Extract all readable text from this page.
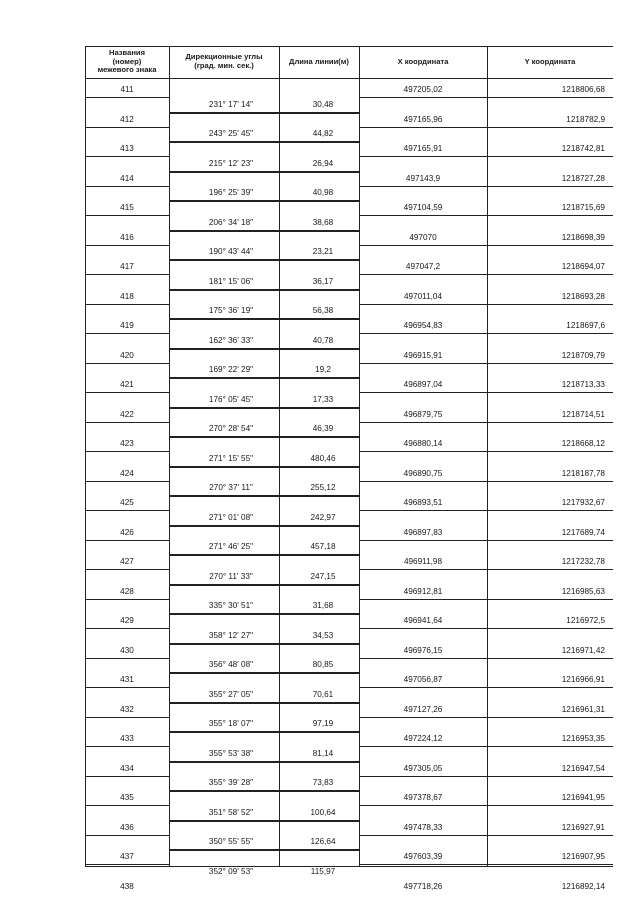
Названия
(номер)
межевого знака
Дирекционные углы
(град. мин. сек.)	Длина линии(м)	X координата	Y координата
411	497205,02	1218806,68
231° 17' 14"	30,48
412	497165,96	1218782,9
243° 25' 45"	44,82
413	497165,91	1218742,81
215° 12' 23"	26,94
414	497143,9	1218727,28
196° 25' 39"	40,98
415	497104,59	1218715,69
206° 34' 18"	38,68
416	497070	1218698,39
190° 43' 44"	23,21
417	497047,2	1218694,07
181° 15' 06"	36,17
418	497011,04	1218693,28
175° 36' 19"	56,38
419	496954,83	1218697,6
162° 36' 33"	40,78
420	496915,91	1218709,79
169° 22' 29"	19,2
421	496897,04	1218713,33
176° 05' 45"	17,33
422	496879,75	1218714,51
270° 28' 54"	46,39
423	496880,14	1218668,12
271° 15' 55"	480,46
424	496890,75	1218187,78
270° 37' 11"	255,12
425	496893,51	1217932,67
271° 01' 08"	242,97
426	496897,83	1217689,74
271° 46' 25"	457,18
427	496911,98	1217232,78
270° 11' 33"	247,15
428	496912,81	1216985,63
335° 30' 51"	31,68
429	496941,64	1216972,5
358° 12' 27"	34,53
430	496976,15	1216971,42
356° 48' 08"	80,85
431	497056,87	1216966,91
355° 27' 05"	70,61
432	497127,26	1216961,31
355° 18' 07"	97,19
433	497224,12	1216953,35
355° 53' 38"	81,14
434	497305,05	1216947,54
355° 39' 28"	73,83
435	497378,67	1216941,95
351° 58' 52"	100,64
436	497478,33	1216927,91
350° 55' 55"	126,64
437	497603,39	1216907,95
352° 09' 53"	115,97
438	497718,26	1216892,14
